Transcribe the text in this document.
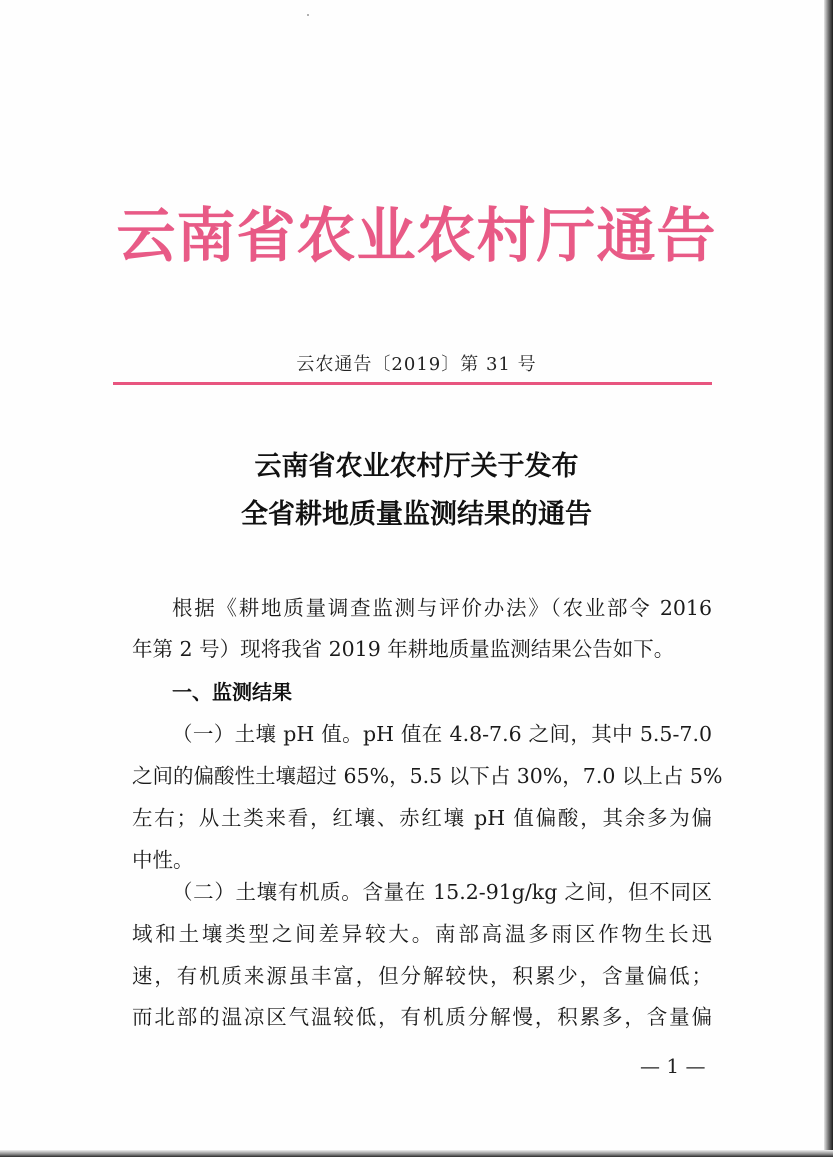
云南省农业农村厅通告
云农通告〔2019〕第 31 号
云南省农业农村厅关于发布
全省耕地质量监测结果的通告
根据《耕地质量调查监测与评价办法》（农业部令 2016
年第 2 号）现将我省 2019 年耕地质量监测结果公告如下。
一、监测结果
（一）土壤 pH 值。pH 值在 4.8-7.6 之间，其中 5.5-7.0
之间的偏酸性土壤超过 65%，5.5 以下占 30%，7.0 以上占 5%
左右；从土类来看，红壤、赤红壤 pH 值偏酸，其余多为偏
中性。
（二）土壤有机质。含量在 15.2-91g/kg 之间，但不同区
域和土壤类型之间差异较大。南部高温多雨区作物生长迅
速，有机质来源虽丰富，但分解较快，积累少，含量偏低；
而北部的温凉区气温较低，有机质分解慢，积累多，含量偏
— 1 —
